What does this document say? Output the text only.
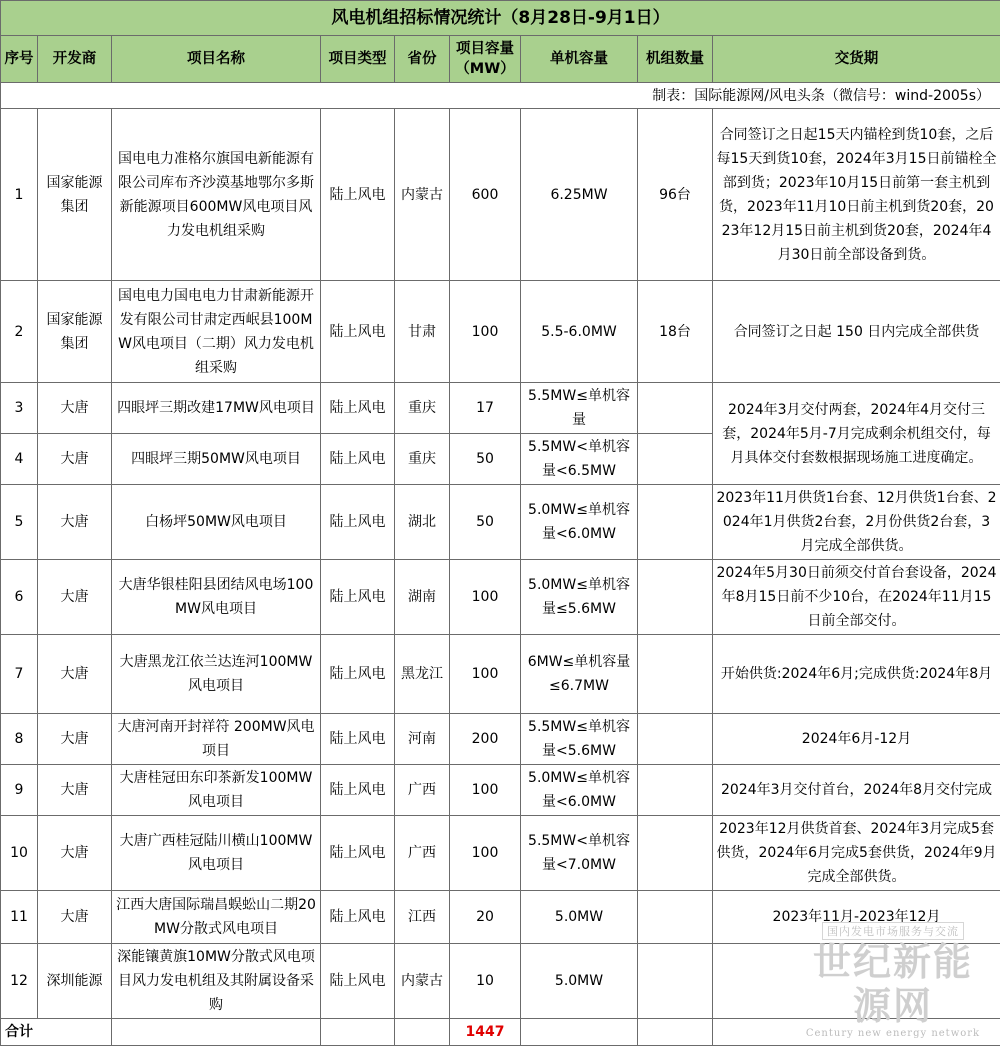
风电机组招标情况统计（8月28日-9月1日）								
序号	开发商	项目名称	项目类型	省份	项目容量（MW）	单机容量	机组数量	交货期
制表：国际能源网/风电头条（微信号：wind-2005s）								
1	国家能源集团	国电电力准格尔旗国电新能源有限公司库布齐沙漠基地鄂尔多斯新能源项目600MW风电项目风力发电机组采购	陆上风电	内蒙古	600	6.25MW	96台	合同签订之日起15天内锚栓到货10套，之后每15天到货10套，2024年3月15日前锚栓全部到货；2023年10月15日前第一套主机到货，2023年11月10日前主机到货20套，2023年12月15日前主机到货20套，2024年4月30日前全部设备到货。
2	国家能源集团	国电电力国电电力甘肃新能源开发有限公司甘肃定西岷县100MW风电项目（二期）风力发电机组采购	陆上风电	甘肃	100	5.5-6.0MW	18台	合同签订之日起 150 日内完成全部供货
3	大唐	四眼坪三期改建17MW风电项目	陆上风电	重庆	17	5.5MW≤单机容量		2024年3月交付两套，2024年4月交付三套，2024年5月-7月完成剩余机组交付，每月具体交付套数根据现场施工进度确定。
4	大唐	四眼坪三期50MW风电项目	陆上风电	重庆	50	5.5MW<单机容量<6.5MW		
5	大唐	白杨坪50MW风电项目	陆上风电	湖北	50	5.0MW≤单机容量<6.0MW		2023年11月供货1台套、12月供货1台套、2024年1月供货2台套，2月份供货2台套，3月完成全部供货。
6	大唐	大唐华银桂阳县团结风电场100MW风电项目	陆上风电	湖南	100	5.0MW≤单机容量≤5.6MW		2024年5月30日前须交付首台套设备，2024年8月15日前不少10台，在2024年11月15日前全部交付。
7	大唐	大唐黑龙江依兰达连河100MW风电项目	陆上风电	黑龙江	100	6MW≤单机容量≤6.7MW		开始供货:2024年6月;完成供货:2024年8月
8	大唐	大唐河南开封祥符 200MW风电项目	陆上风电	河南	200	5.5MW≤单机容量<5.6MW		2024年6月-12月
9	大唐	大唐桂冠田东印茶新发100MW风电项目	陆上风电	广西	100	5.0MW≤单机容量<6.0MW		2024年3月交付首台，2024年8月交付完成
10	大唐	大唐广西桂冠陆川横山100MW风电项目	陆上风电	广西	100	5.5MW<单机容量<7.0MW		2023年12月供货首套、2024年3月完成5套供货，2024年6月完成5套供货，2024年9月完成全部供货。
11	大唐	江西大唐国际瑞昌蜈蚣山二期20MW分散式风电项目	陆上风电	江西	20	5.0MW		2023年11月-2023年12月
12	深圳能源	深能镶黄旗10MW分散式风电项目风力发电机组及其附属设备采购	陆上风电	内蒙古	10	5.0MW		
合计					1447			
国内发电市场服务与交流
世纪新能源网
Century new energy network
